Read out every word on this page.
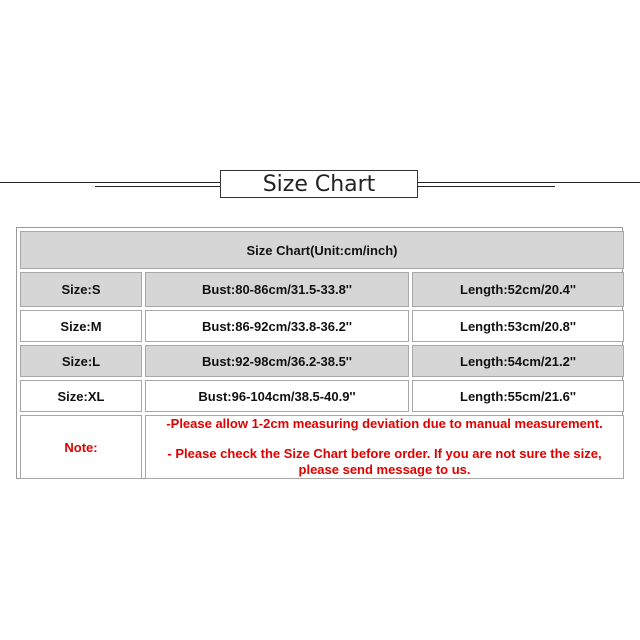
Size Chart
Size Chart(Unit:cm/inch)		
Size:S	Bust:80-86cm/31.5-33.8''	Length:52cm/20.4''
Size:M	Bust:86-92cm/33.8-36.2''	Length:53cm/20.8''
Size:L	Bust:92-98cm/36.2-38.5''	Length:54cm/21.2''
Size:XL	Bust:96-104cm/38.5-40.9''	Length:55cm/21.6''
Note:	-Please allow 1-2cm measuring deviation due to manual measurement.

- Please check the Size Chart before order. If you are not sure the size, please send message to us.	
